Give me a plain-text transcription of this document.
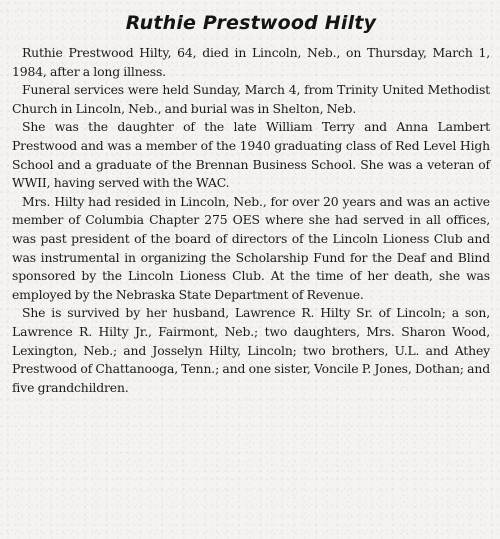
Ruthie Prestwood Hilty

Ruthie Prestwood Hilty, 64, died in Lincoln, Neb., on Thursday, March 1, 1984, after a long illness.

Funeral services were held Sunday, March 4, from Trinity United Methodist Church in Lincoln, Neb., and burial was in Shelton, Neb.

She was the daughter of the late William Terry and Anna Lambert Prestwood and was a member of the 1940 graduating class of Red Level High School and a graduate of the Brennan Business School. She was a veteran of WWII, having served with the WAC.

Mrs. Hilty had resided in Lincoln, Neb., for over 20 years and was an active member of Columbia Chapter 275 OES where she had served in all offices, was past president of the board of directors of the Lincoln Lioness Club and was instrumental in organizing the Scholarship Fund for the Deaf and Blind sponsored by the Lincoln Lioness Club. At the time of her death, she was employed by the Nebraska State Department of Revenue.

She is survived by her husband, Lawrence R. Hilty Sr. of Lincoln; a son, Lawrence R. Hilty Jr., Fairmont, Neb.; two daughters, Mrs. Sharon Wood, Lexington, Neb.; and Josselyn Hilty, Lincoln; two brothers, U.L. and Athey Prestwood of Chattanooga, Tenn.; and one sister, Voncile P. Jones, Dothan; and five grandchildren.
